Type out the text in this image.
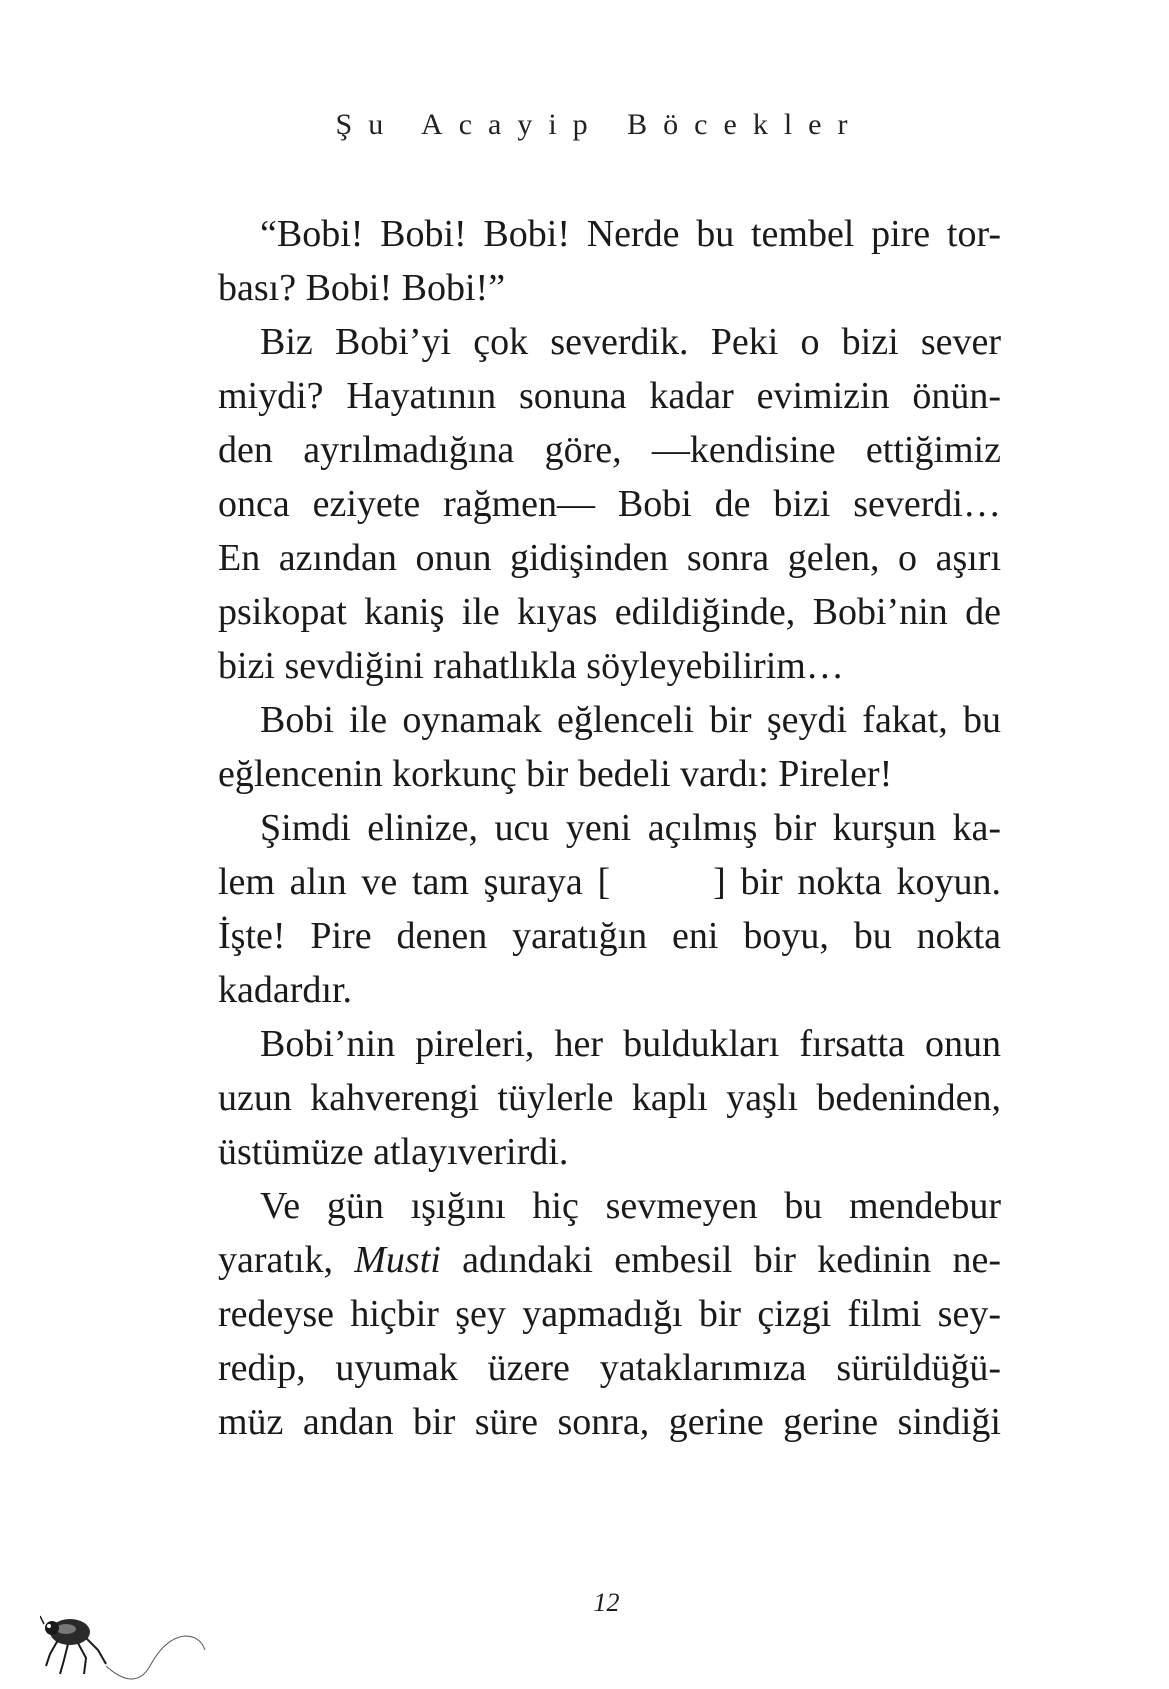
Şu Acayip Böcekler
“Bobi! Bobi! Bobi! Nerde bu tembel pire tor-
bası? Bobi! Bobi!”
Biz Bobi’yi çok severdik. Peki o bizi sever
miydi? Hayatının sonuna kadar evimizin önün-
den ayrılmadığına göre, —kendisine ettiğimiz
onca eziyete rağmen— Bobi de bizi severdi…
En azından onun gidişinden sonra gelen, o aşırı
psikopat kaniş ile kıyas edildiğinde, Bobi’nin de
bizi sevdiğini rahatlıkla söyleyebilirim…
Bobi ile oynamak eğlenceli bir şeydi fakat, bu
eğlencenin korkunç bir bedeli vardı: Pireler!
Şimdi elinize, ucu yeni açılmış bir kurşun ka-
lem alın ve tam şuraya [       ] bir nokta koyun.
İşte! Pire denen yaratığın eni boyu, bu nokta
kadardır.
Bobi’nin pireleri, her buldukları fırsatta onun
uzun kahverengi tüylerle kaplı yaşlı bedeninden,
üstümüze atlayıverirdi.
Ve gün ışığını hiç sevmeyen bu mendebur
yaratık, Musti adındaki embesil bir kedinin ne-
redeyse hiçbir şey yapmadığı bir çizgi filmi sey-
redip, uyumak üzere yataklarımıza sürüldüğü-
müz andan bir süre sonra, gerine gerine sindiği
12
